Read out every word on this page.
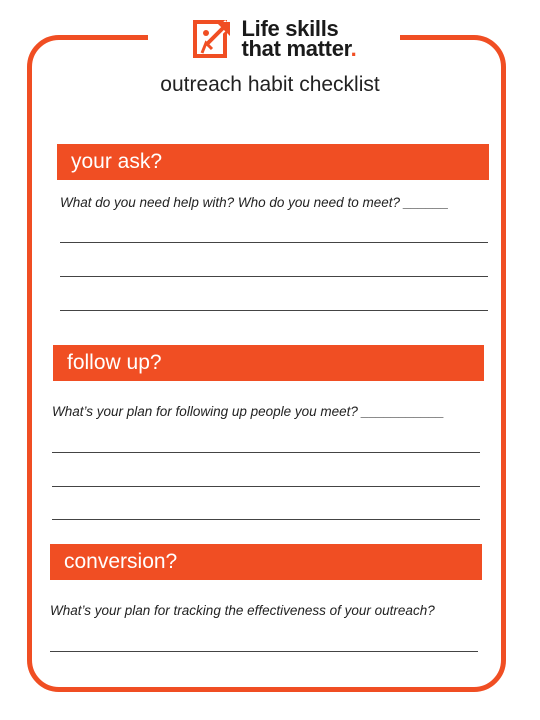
Life skills
that matter.
outreach habit checklist
your ask?
What do you need help with? Who do you need to meet? ______
follow up?
What’s your plan for following up people you meet? ___________
conversion?
What’s your plan for tracking the effectiveness of your outreach?
